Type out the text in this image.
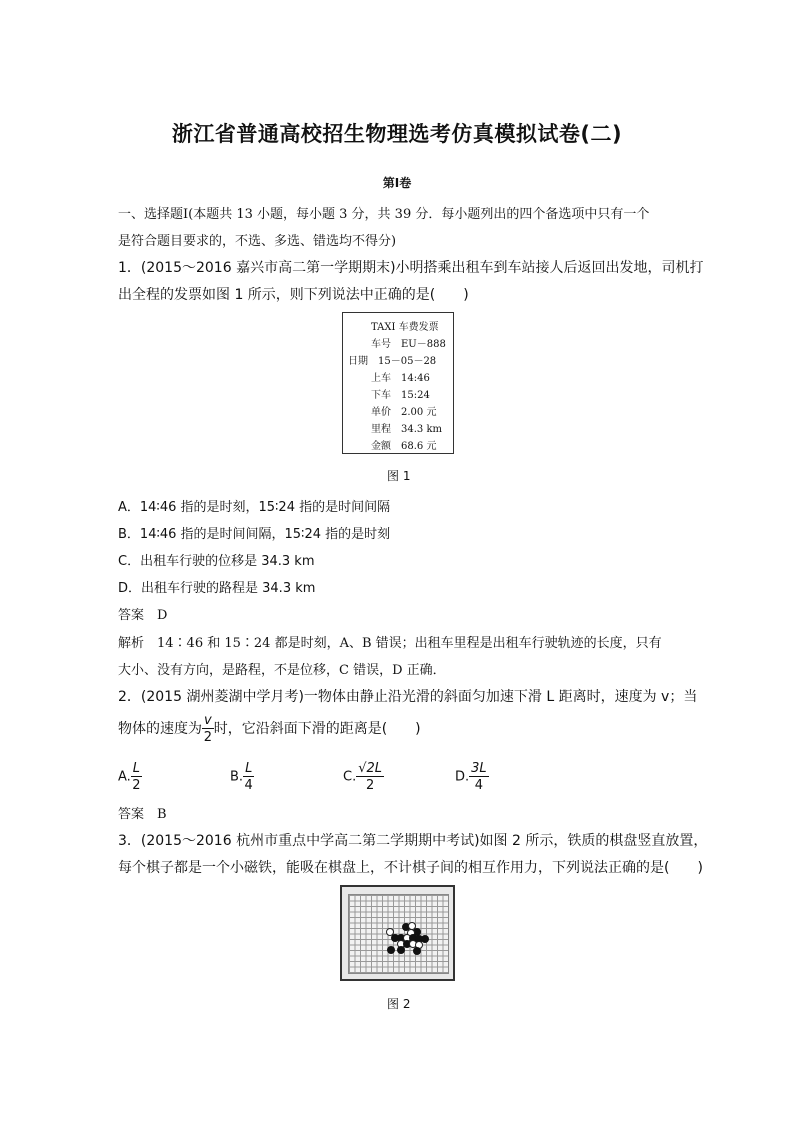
浙江省普通高校招生物理选考仿真模拟试卷(二)
第Ⅰ卷
一、选择题Ⅰ(本题共 13 小题，每小题 3 分，共 39 分．每小题列出的四个备选项中只有一个
是符合题目要求的，不选、多选、错选均不得分)
1．(2015～2016 嘉兴市高二第一学期期末)小明搭乘出租车到车站接人后返回出发地，司机打
出全程的发票如图 1 所示，则下列说法中正确的是(　　)
TAXI 车费发票
车号　EU－888
日期　15－05－28
上车　14:46
下车　15:24
单价　2.00 元
里程　34.3 km
金额　68.6 元
图 1
A．14∶46 指的是时刻，15∶24 指的是时间间隔
B．14∶46 指的是时间间隔，15∶24 指的是时刻
C．出租车行驶的位移是 34.3 km
D．出租车行驶的路程是 34.3 km
答案　D
解析　14∶46 和 15∶24 都是时刻，A、B 错误；出租车里程是出租车行驶轨迹的长度，只有
大小、没有方向，是路程，不是位移，C 错误，D 正确．
2．(2015 湖州菱湖中学月考)一物体由静止沿光滑的斜面匀加速下滑 L 距离时，速度为 v；当
物体的速度为 $\frac{v}{2}$ 时，它沿斜面下滑的距离是(　　)
A. $\frac{L}{2}$	B. $\frac{L}{4}$	C. $\frac{√2L}{2}$	D. $\frac{3L}{4}$
答案　B
3．(2015～2016 杭州市重点中学高二第二学期期中考试)如图 2 所示，铁质的棋盘竖直放置，
每个棋子都是一个小磁铁，能吸在棋盘上，不计棋子间的相互作用力，下列说法正确的是(　　)
图 2
